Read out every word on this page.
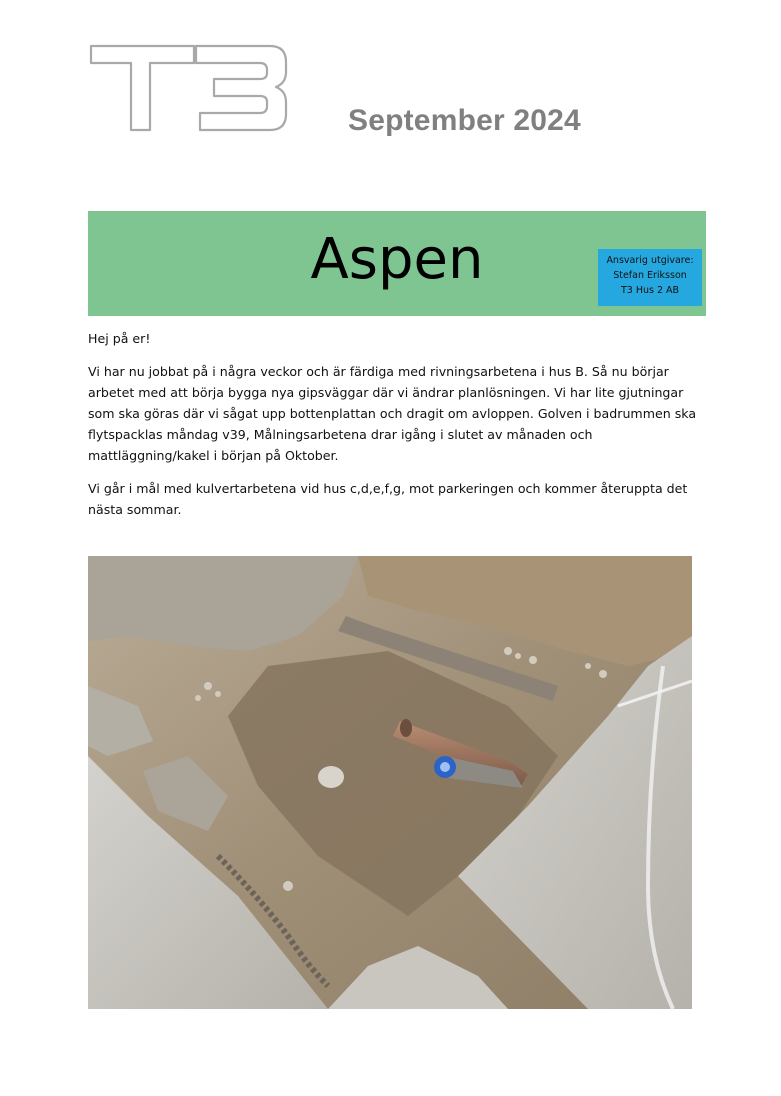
September 2024
Aspen	Ansvarig utgivare:
Stefan Eriksson
T3 Hus 2 AB

Hej på er!

Vi har nu jobbat på i några veckor och är färdiga med rivningsarbetena i hus B. Så nu börjar arbetet med att börja bygga nya gipsväggar där vi ändrar planlösningen. Vi har lite gjutningar som ska göras där vi sågat upp bottenplattan och dragit om avloppen. Golven i badrummen ska flytspacklas måndag v39, Målningsarbetena drar igång i slutet av månaden och mattläggning/kakel i början på Oktober.

Vi går i mål med kulvertarbetena vid hus c,d,e,f,g, mot parkeringen och kommer återuppta det nästa sommar.
